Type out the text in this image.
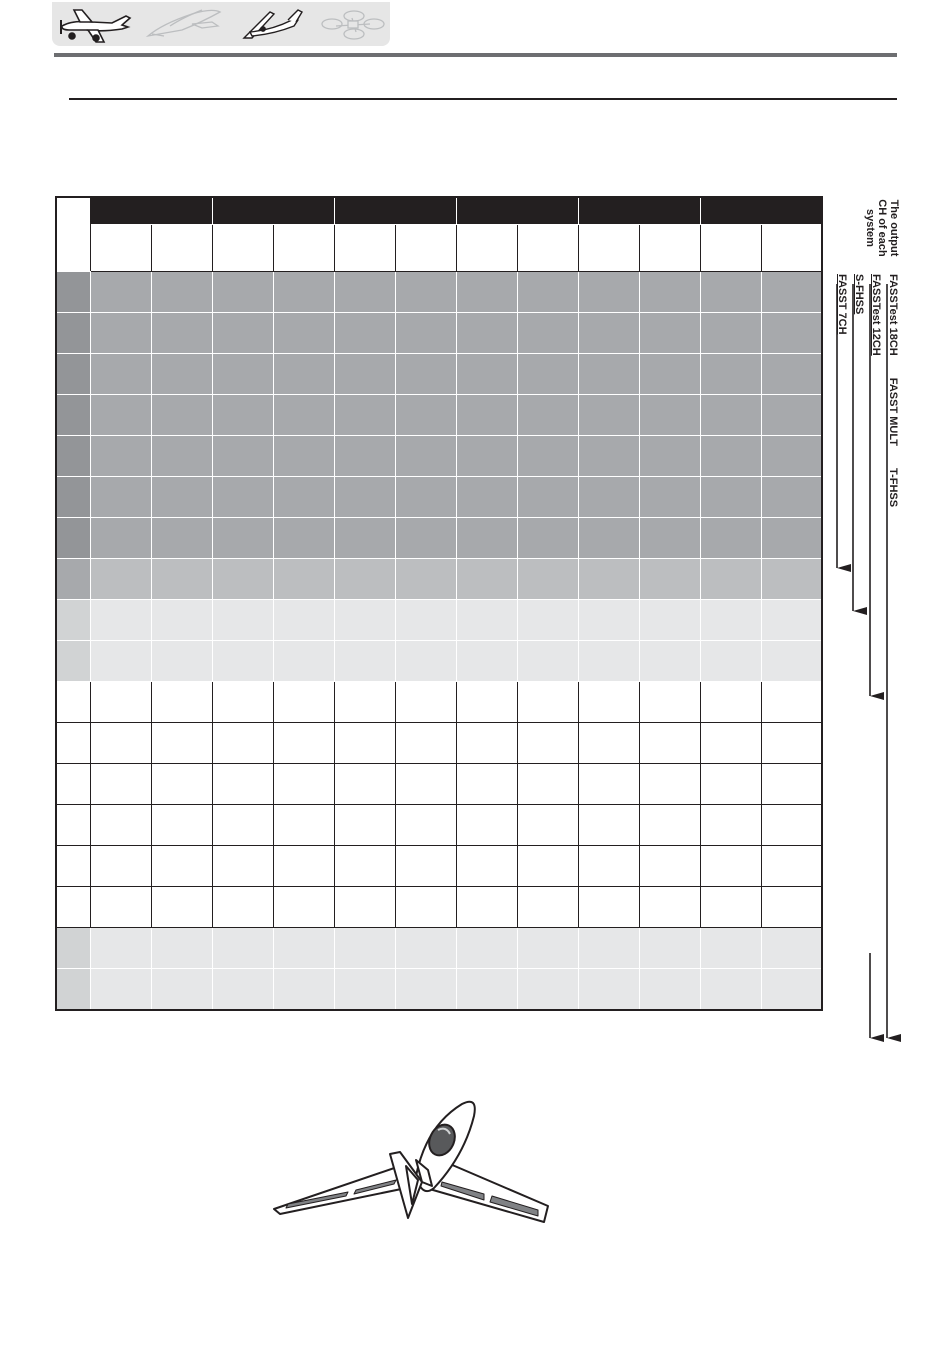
The output CH of each system
FASSTest 18CHFASST MULTT-FHSS
FASSTest 12CH
S-FHSS
FASST 7CH
